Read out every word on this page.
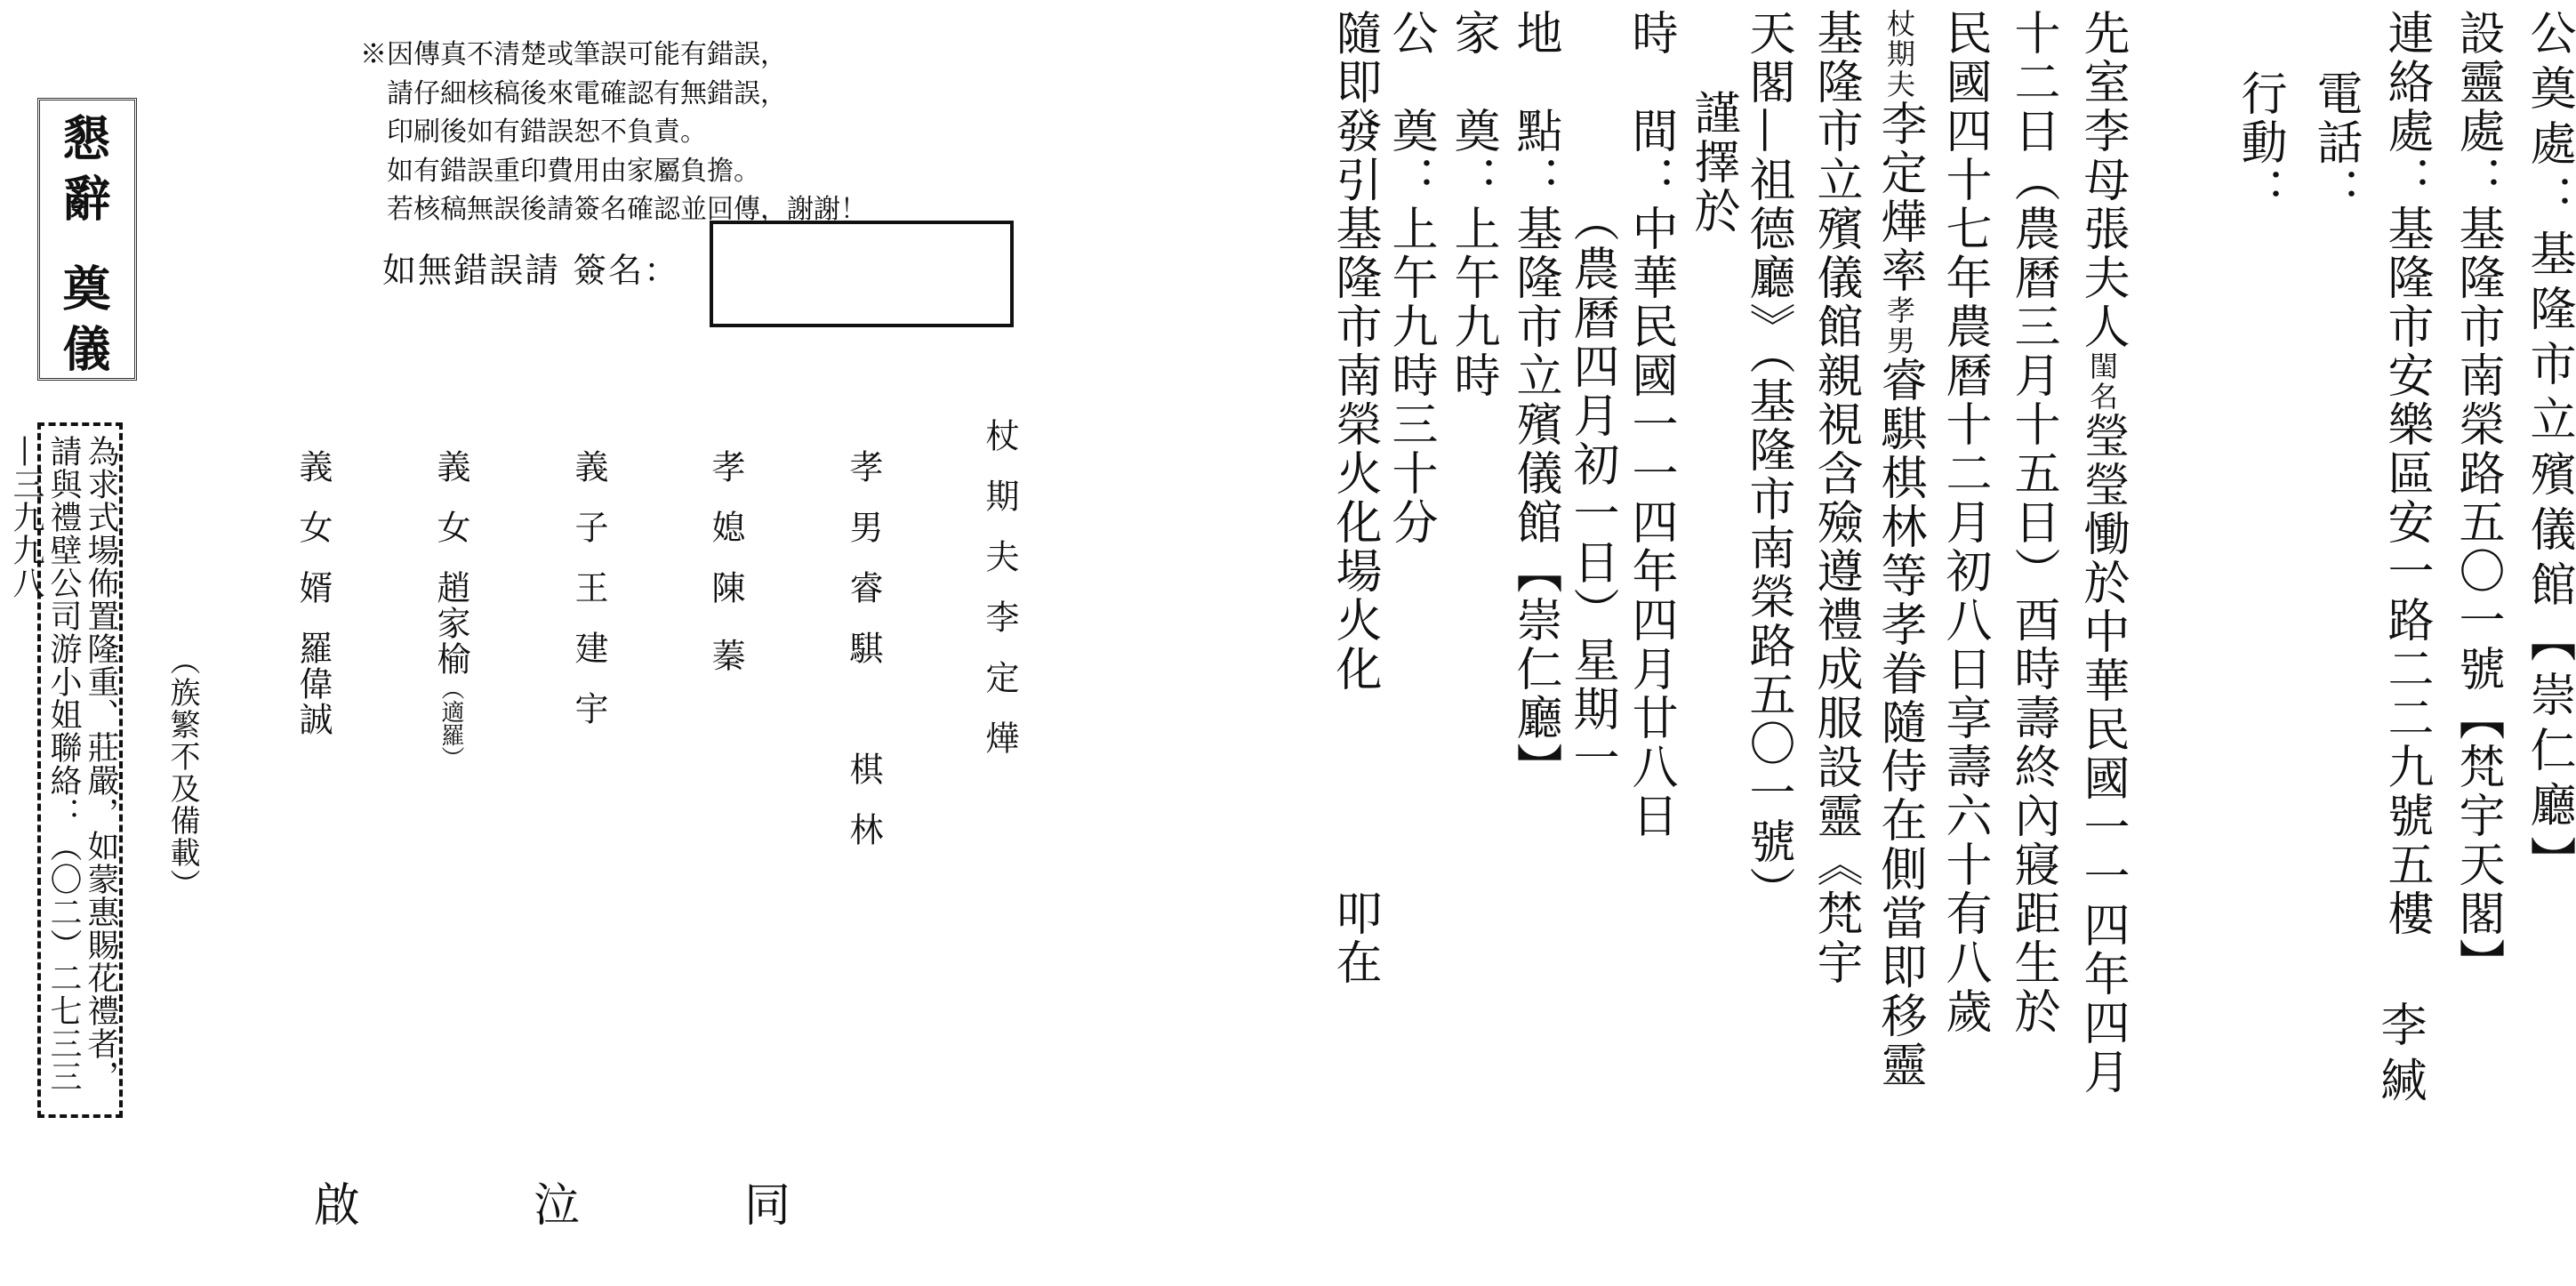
公奠處：基隆市立殯儀館【崇仁廳】
設靈處：基隆市南榮路五〇一號【梵宇天閣】
連絡處：基隆市安樂區安一路二二九號五樓
李緘
電話：
行動：
先室李母張夫人閨名瑩瑩慟於中華民國一一四年四月
十二日（農曆三月十五日）酉時壽終內寢距生於
民國四十七年農曆十二月初八日享壽六十有八歲
杖期夫李定燁率孝男睿騏棋林等孝眷隨侍在側當即移靈
基隆市立殯儀館親視含殮遵禮成服設靈《梵宇
天閣—祖德廳》（基隆市南榮路五〇一號）
謹擇於
時　間：中華民國一一四年四月廿八日
（農曆四月初一日）星期一
地　點：基隆市立殯儀館【崇仁廳】
家　奠：上午九時
公　奠：上午九時三十分
隨即發引基隆市南榮火化場火化
叩在
杖期夫李定燁
孝男睿騏　棋林
孝媳陳　蓁
義子王建宇
義女趙家榆（適羅）
義女婿羅偉誠
（族繁不及備載）
同
泣
啟
※因傳真不清楚或筆誤可能有錯誤，
　請仔細核稿後來電確認有無錯誤，
　印刷後如有錯誤恕不負責。
　如有錯誤重印費用由家屬負擔。
　若核稿無誤後請簽名確認並回傳，謝謝！
如無錯誤請 簽名：
懇辭 奠儀
為求式場佈置隆重、莊嚴，如蒙惠賜花禮者，請與禮壁公司游小姐聯絡：（〇二）二七三三—三九九八
